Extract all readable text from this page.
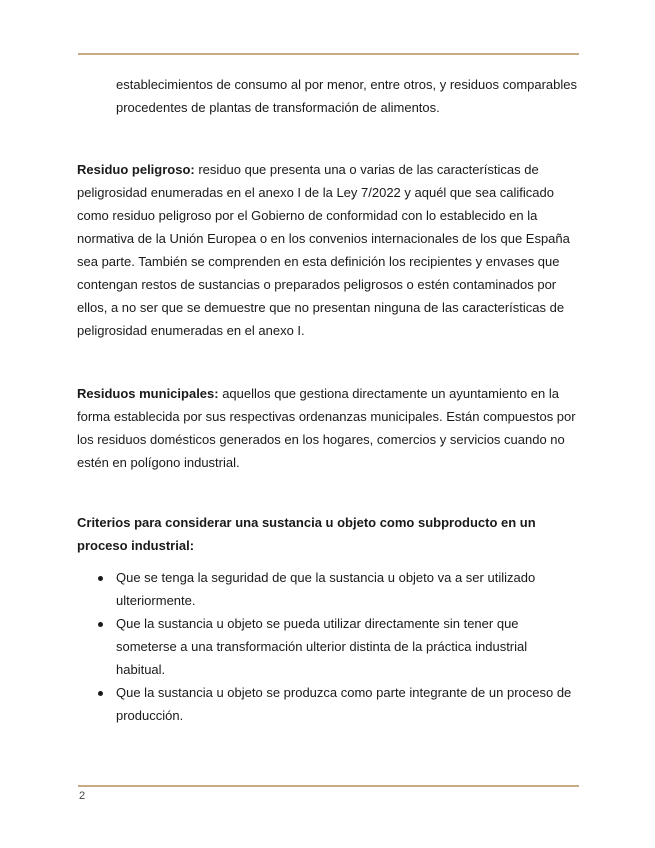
establecimientos de consumo al por menor, entre otros, y residuos comparables procedentes de plantas de transformación de alimentos.

Residuo peligroso: residuo que presenta una o varias de las características de peligrosidad enumeradas en el anexo I de la Ley 7/2022 y aquél que sea calificado como residuo peligroso por el Gobierno de conformidad con lo establecido en la normativa de la Unión Europea o en los convenios internacionales de los que España sea parte. También se comprenden en esta definición los recipientes y envases que contengan restos de sustancias o preparados peligrosos o estén contaminados por ellos, a no ser que se demuestre que no presentan ninguna de las características de peligrosidad enumeradas en el anexo I.

Residuos municipales: aquellos que gestiona directamente un ayuntamiento en la forma establecida por sus respectivas ordenanzas municipales. Están compuestos por los residuos domésticos generados en los hogares, comercios y servicios cuando no estén en polígono industrial.

Criterios para considerar una sustancia u objeto como subproducto en un proceso industrial:

Que se tenga la seguridad de que la sustancia u objeto va a ser utilizado ulteriormente.
Que la sustancia u objeto se pueda utilizar directamente sin tener que someterse a una transformación ulterior distinta de la práctica industrial habitual.
Que la sustancia u objeto se produzca como parte integrante de un proceso de producción.
2
